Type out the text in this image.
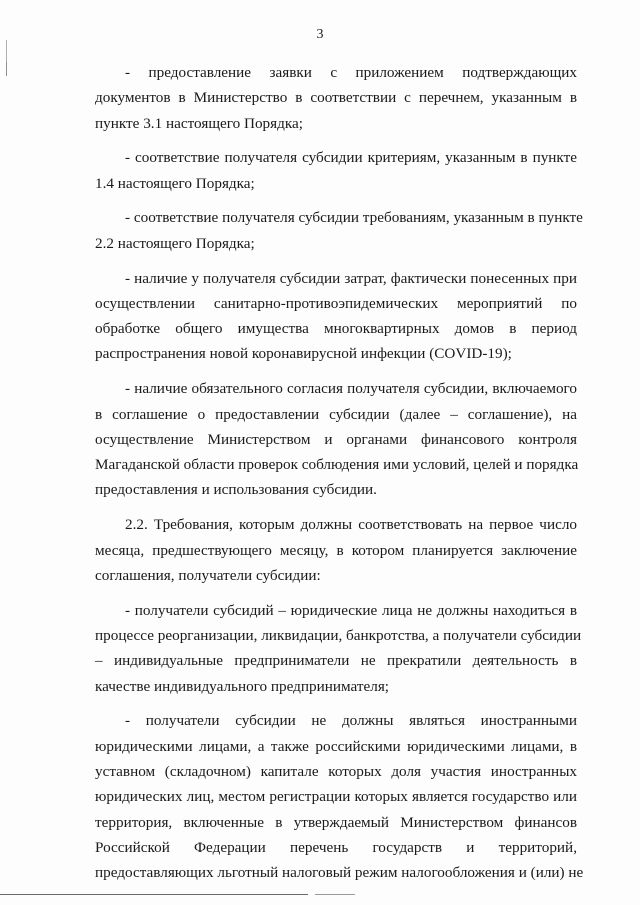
3
- предоставление заявки с приложением подтверждающих
документов в Министерство в соответствии с перечнем, указанным в
пункте 3.1 настоящего Порядка;
- соответствие получателя субсидии критериям, указанным в пункте
1.4 настоящего Порядка;
- соответствие получателя субсидии требованиям, указанным в пункте
2.2 настоящего Порядка;
- наличие у получателя субсидии затрат, фактически понесенных при
осуществлении санитарно-противоэпидемических мероприятий по
обработке общего имущества многоквартирных домов в период
распространения новой коронавирусной инфекции (COVID-19);
- наличие обязательного согласия получателя субсидии, включаемого
в соглашение о предоставлении субсидии (далее – соглашение), на
осуществление Министерством и органами финансового контроля
Магаданской области проверок соблюдения ими условий, целей и порядка
предоставления и использования субсидии.
2.2. Требования, которым должны соответствовать на первое число
месяца, предшествующего месяцу, в котором планируется заключение
соглашения, получатели субсидии:
- получатели субсидий – юридические лица не должны находиться в
процессе реорганизации, ликвидации, банкротства, а получатели субсидии
– индивидуальные предприниматели не прекратили деятельность в
качестве индивидуального предпринимателя;
- получатели субсидии не должны являться иностранными
юридическими лицами, а также российскими юридическими лицами, в
уставном (складочном) капитале которых доля участия иностранных
юридических лиц, местом регистрации которых является государство или
территория, включенные в утверждаемый Министерством финансов
Российской Федерации перечень государств и территорий,
предоставляющих льготный налоговый режим налогообложения и (или) не
